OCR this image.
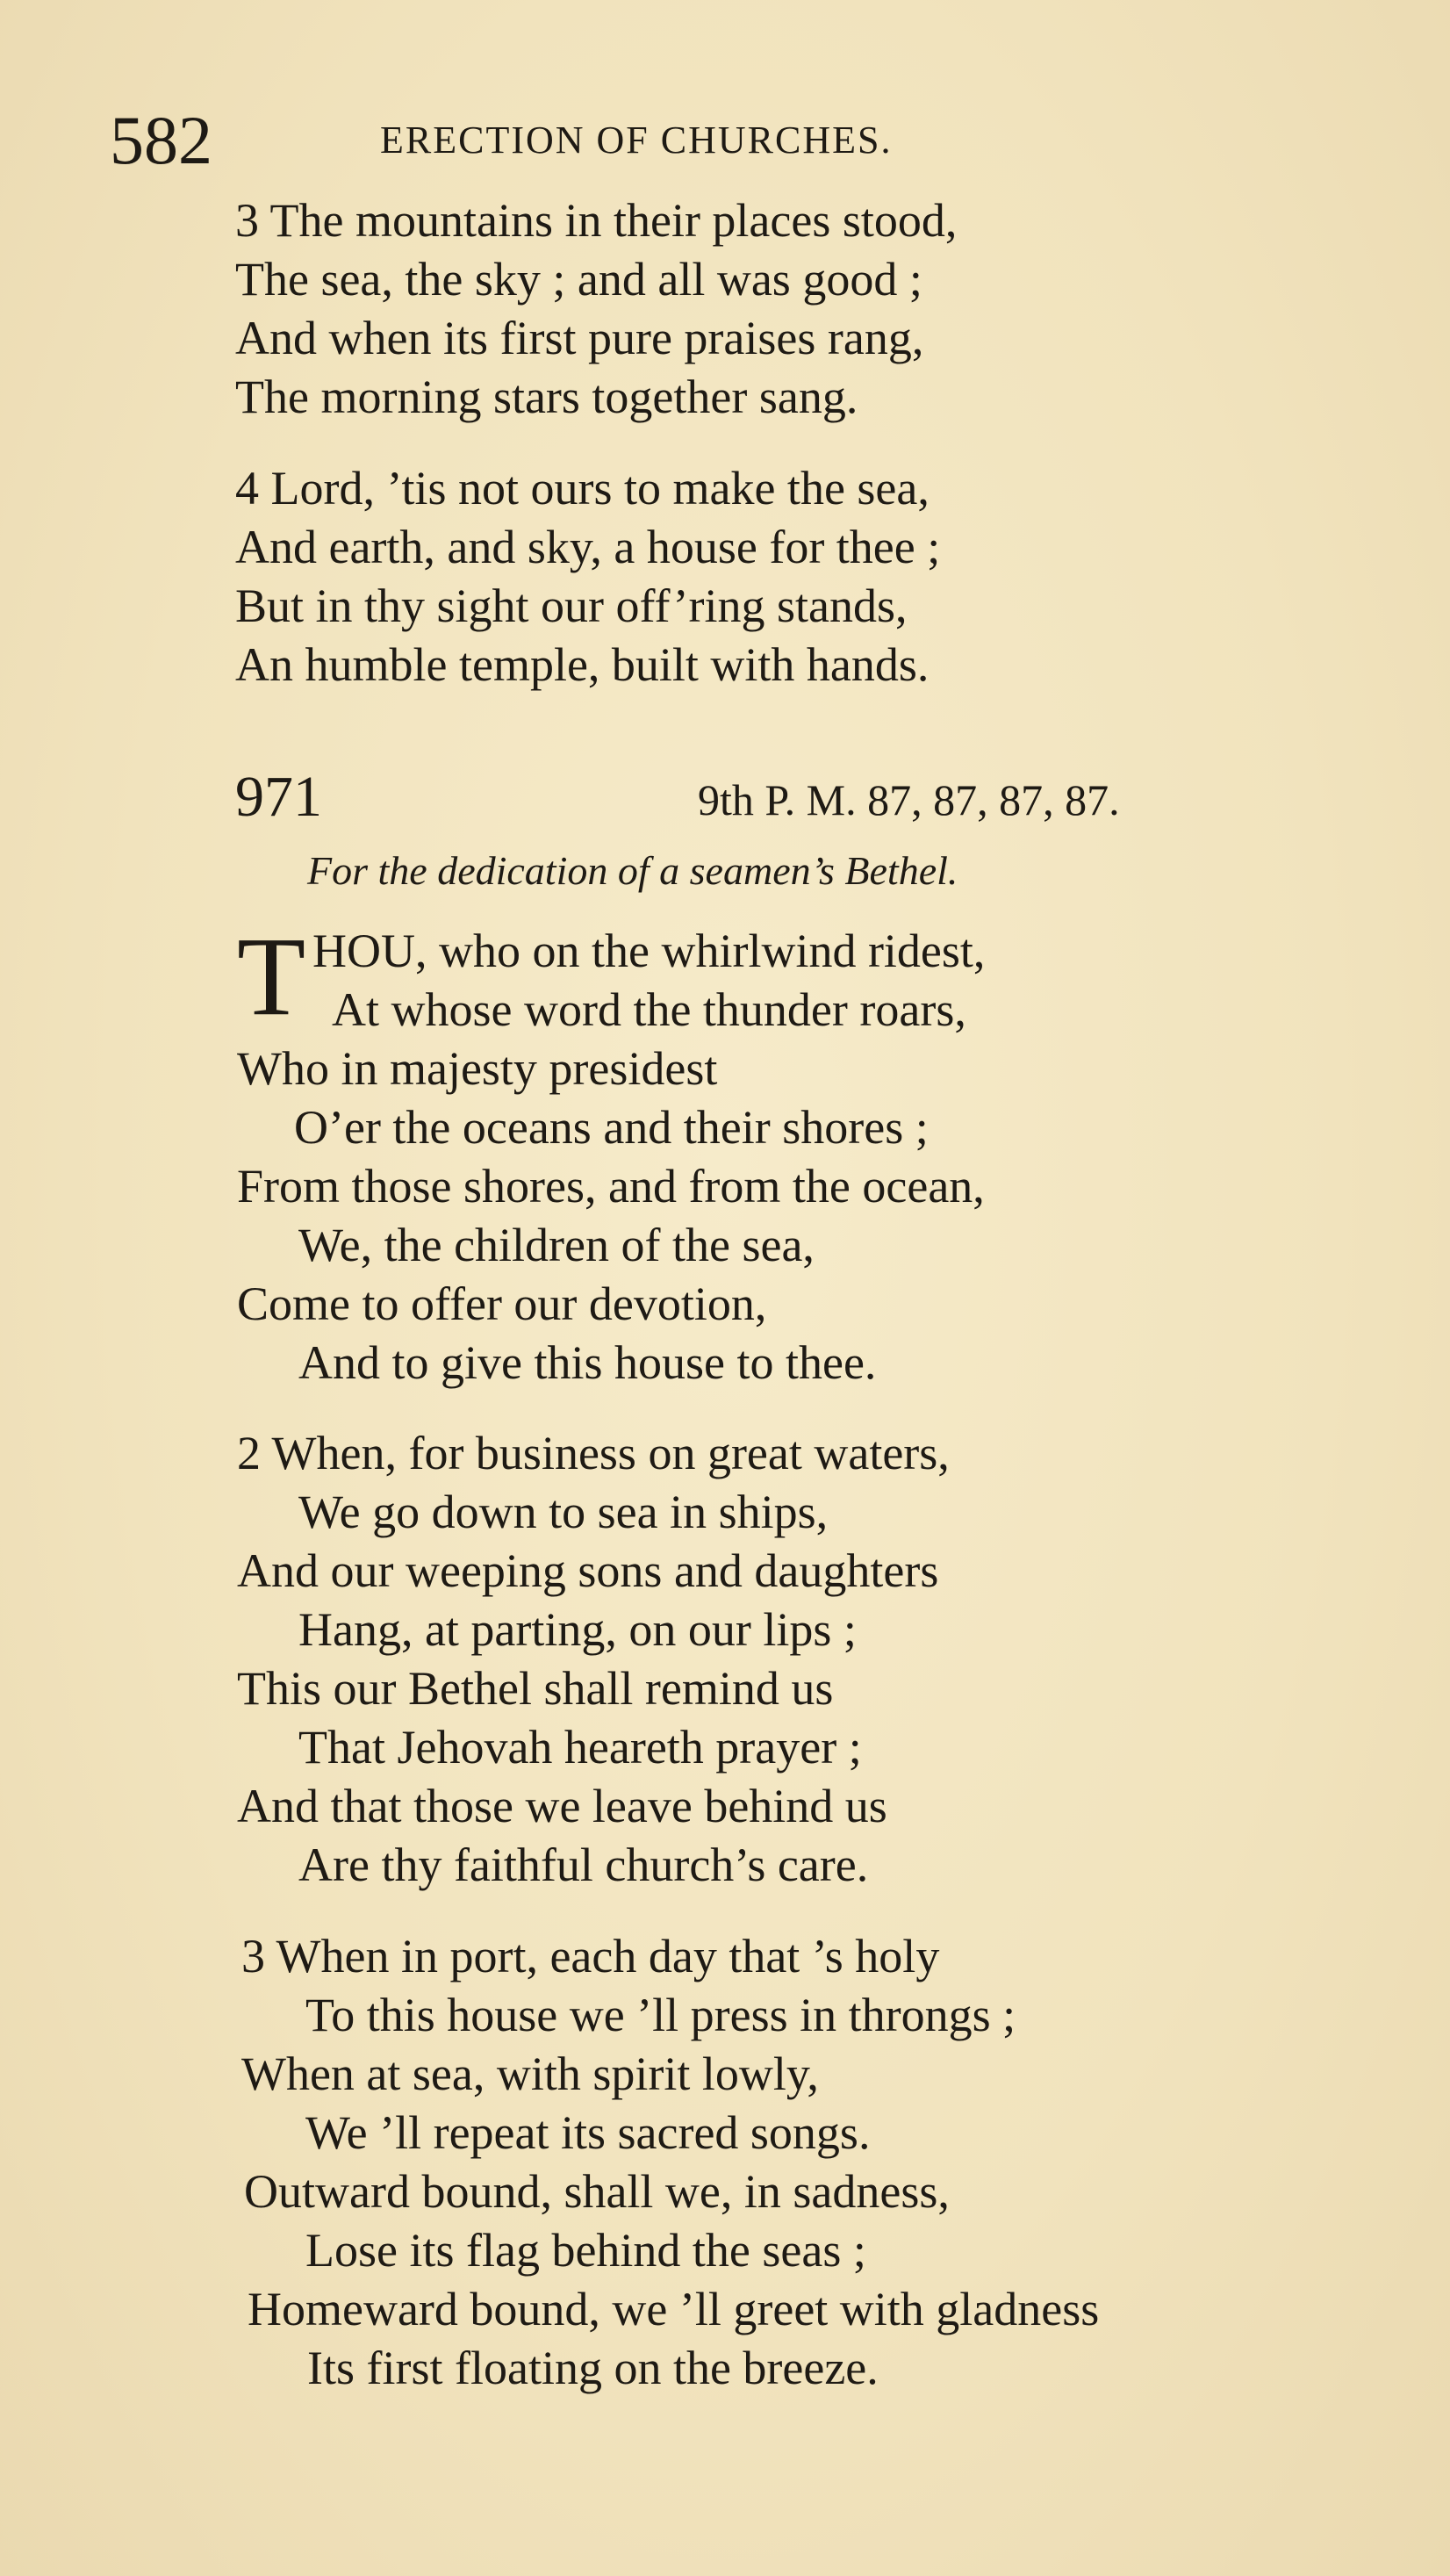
582	ERECTION OF CHURCHES.
3 The mountains in their places stood,
The sea, the sky ; and all was good ;
And when its first pure praises rang,
The morning stars together sang.
4 Lord, ’tis not ours to make the sea,
And earth, and sky, a house for thee ;
But in thy sight our off’ring stands,
An humble temple, built with hands.
971	9th P. M. 87, 87, 87, 87.
For the dedication of a seamen’s Bethel.
T HOU, who on the whirlwind ridest,
At whose word the thunder roars,
Who in majesty presidest
O’er the oceans and their shores ;
From those shores, and from the ocean,
We, the children of the sea,
Come to offer our devotion,
And to give this house to thee.
2 When, for business on great waters,
We go down to sea in ships,
And our weeping sons and daughters
Hang, at parting, on our lips ;
This our Bethel shall remind us
That Jehovah heareth prayer ;
And that those we leave behind us
Are thy faithful church’s care.
3 When in port, each day that ’s holy
To this house we ’ll press in throngs ;
When at sea, with spirit lowly,
We ’ll repeat its sacred songs.
Outward bound, shall we, in sadness,
Lose its flag behind the seas ;
Homeward bound, we ’ll greet with gladness
Its first floating on the breeze.
